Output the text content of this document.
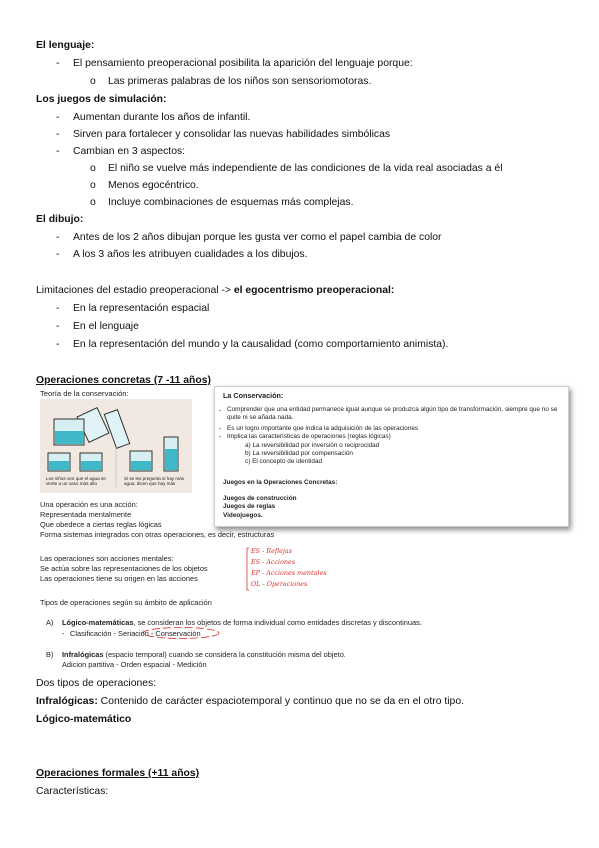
El lenguaje:
- El pensamiento preoperacional posibilita la aparición del lenguaje porque:
o Las primeras palabras de los niños son sensoriomotoras.
Los juegos de simulación:
- Aumentan durante los años de infantil.
- Sirven para fortalecer y consolidar las nuevas habilidades simbólicas
- Cambian en 3 aspectos:
o El niño se vuelve más independiente de las condiciones de la vida real asociadas a él
o Menos egocéntrico.
o Incluye combinaciones de esquemas más complejas.
El dibujo:
- Antes de los 2 años dibujan porque les gusta ver como el papel cambia de color
- A los 3 años les atribuyen cualidades a los dibujos.
Limitaciones del estadio preoperacional -> el egocentrismo preoperacional:
- En la representación espacial
- En el lenguaje
- En la representación del mundo y la causalidad (como comportamiento animista).
Operaciones concretas (7 -11 años)
Teoría de la conservación:
Los niños ven que el agua se vierte a un vaso más alto
Si se les pregunta si hay más agua, dicen que hay más
La Conservación:
- Comprender que una entidad permanece igual aunque se produzca algún tipo de transformación, siempre que no se quite ni se añada nada.
- Es un logro importante que indica la adquisición de las operaciones
- Implica las características de operaciones (reglas lógicas)
a) La reversibilidad por inversión o reciprocidad
b) La reversibilidad por compensación
c) El concepto de identidad
Juegos en la Operaciones Concretas:
Juegos de construcción
Juegos de reglas
Videojuegos.
Una operación es una acción:
Representada mentalmente
Que obedece a ciertas reglas lógicas
Forma sistemas integrados con otras operaciones, es decir, estructuras
Las operaciones son acciones mentales:
Se actúa sobre las representaciones de los objetos
Las operaciones tiene su origen en las acciones
ES - Reflejas
ES - Acciones
EP - Acciones mentales
OL - Operaciones
Tipos de operaciones según su ámbito de aplicación
A) Lógico-matemáticas, se consideran los objetos de forma individual como entidades discretas y discontinuas.
- Clasificación - Seriación - Conservación
B) Infralógicas (espacio temporal) cuando se considera la constitución misma del objeto.
Adicion partitiva - Orden espacial - Medición
Dos tipos de operaciones:
Infralógicas: Contenido de carácter espaciotemporal y continuo que no se da en el otro tipo.
Lógico-matemático
Operaciones formales (+11 años)
Características:
